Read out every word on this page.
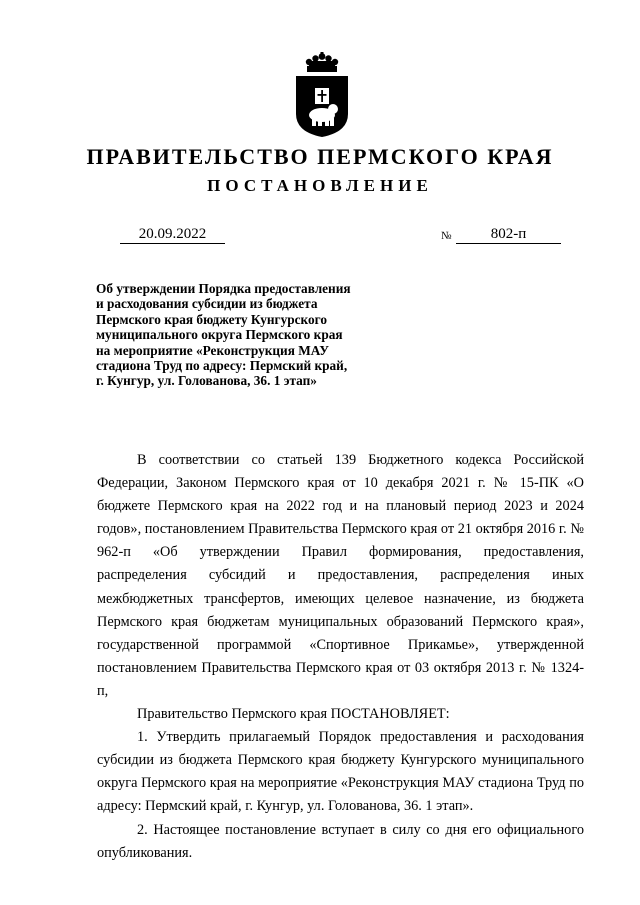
ПРАВИТЕЛЬСТВО ПЕРМСКОГО КРАЯ
ПОСТАНОВЛЕНИЕ
20.09.2022	№	802-п
Об утверждении Порядка предоставления
и расходования субсидии из бюджета
Пермского края бюджету Кунгурского
муниципального округа Пермского края
на мероприятие «Реконструкция МАУ
стадиона Труд по адресу: Пермский край,
г. Кунгур, ул. Голованова, 36. 1 этап»

В соответствии со статьей 139 Бюджетного кодекса Российской Федерации, Законом Пермского края от 10 декабря 2021 г. № 15-ПК «О бюджете Пермского края на 2022 год и на плановый период 2023 и 2024 годов», постановлением Правительства Пермского края от 21 октября 2016 г. № 962-п «Об утверждении Правил формирования, предоставления, распределения субсидий и предоставления, распределения иных межбюджетных трансфертов, имеющих целевое назначение, из бюджета Пермского края бюджетам муниципальных образований Пермского края», государственной программой «Спортивное Прикамье», утвержденной постановлением Правительства Пермского края от 03 октября 2013 г. № 1324-п,

Правительство Пермского края ПОСТАНОВЛЯЕТ:

1. Утвердить прилагаемый Порядок предоставления и расходования субсидии из бюджета Пермского края бюджету Кунгурского муниципального округа Пермского края на мероприятие «Реконструкция МАУ стадиона Труд по адресу: Пермский край, г. Кунгур, ул. Голованова, 36. 1 этап».

2. Настоящее постановление вступает в силу со дня его официального опубликования.
